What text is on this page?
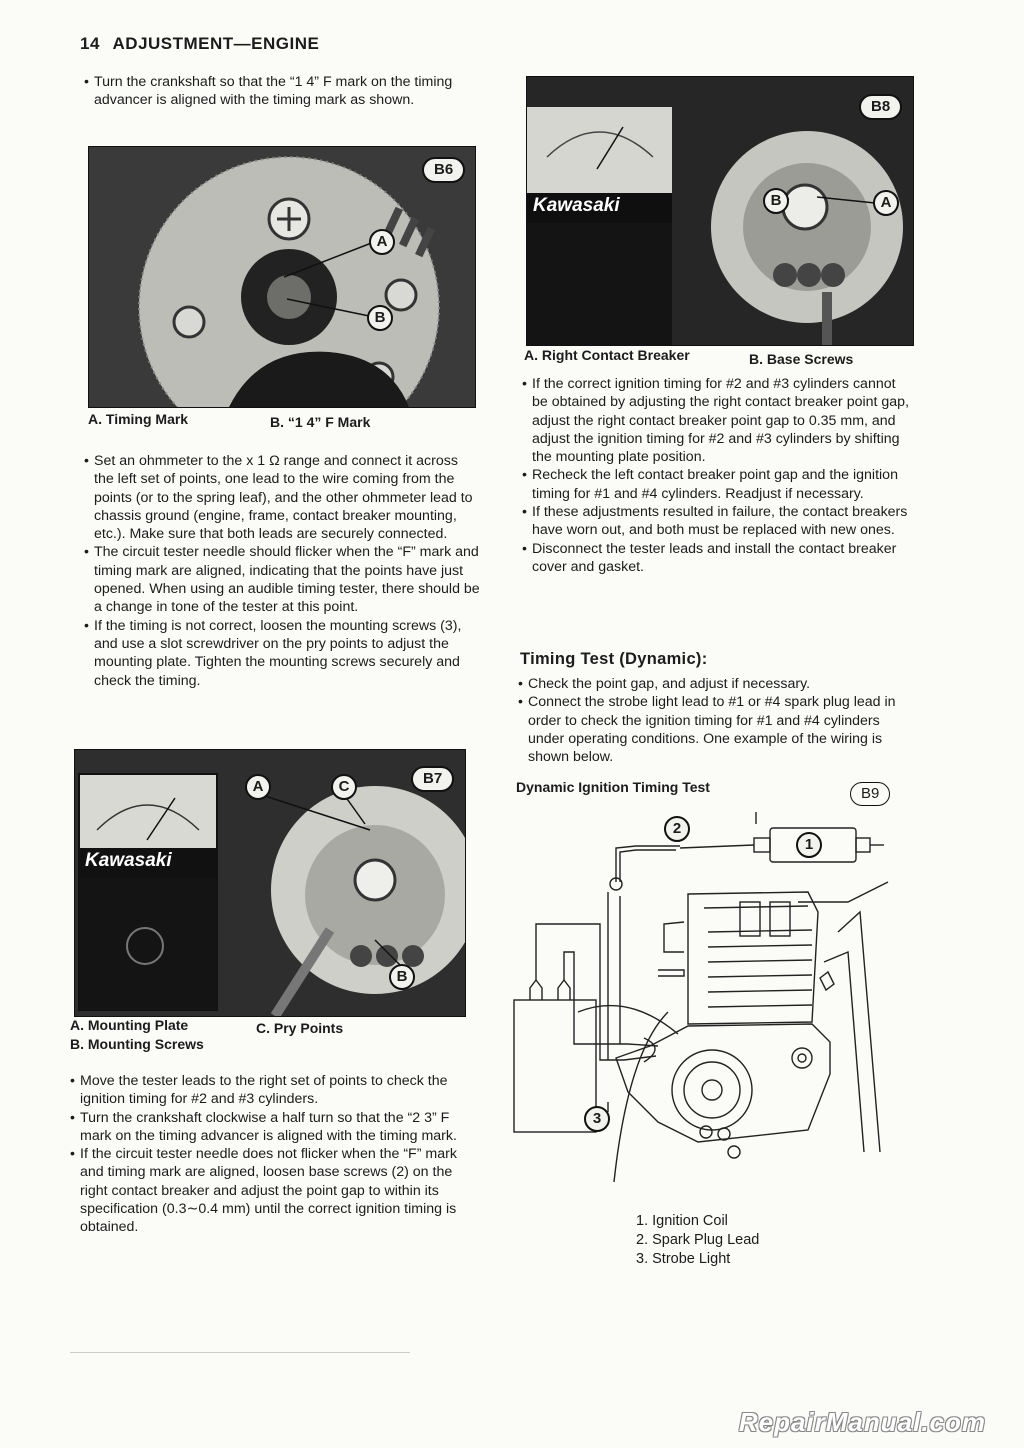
14 ADJUSTMENT—ENGINE

• Turn the crankshaft so that the “1 4” F mark on the timing advancer is aligned with the timing mark as shown.

B6
A
B
A. Timing Mark	B. “1 4” F Mark

• Set an ohmmeter to the x 1 Ω range and connect it across the left set of points, one lead to the wire coming from the points (or to the spring leaf), and the other ohmmeter lead to chassis ground (engine, frame, contact breaker mounting, etc.). Make sure that both leads are securely connected.

• The circuit tester needle should flicker when the “F” mark and timing mark are aligned, indicating that the points have just opened. When using an audible timing tester, there should be a change in tone of the tester at this point.

• If the timing is not correct, loosen the mounting screws (3), and use a slot screwdriver on the pry points to adjust the mounting plate. Tighten the mounting screws securely and check the timing.

Kawasaki
B7
A	C
B
A. Mounting Plate
B. Mounting Screws
C. Pry Points

• Move the tester leads to the right set of points to check the ignition timing for #2 and #3 cylinders.

• Turn the crankshaft clockwise a half turn so that the “2 3” F mark on the timing advancer is aligned with the timing mark.

• If the circuit tester needle does not flicker when the “F” mark and timing mark are aligned, loosen base screws (2) on the right contact breaker and adjust the point gap to within its specification (0.3∼0.4 mm) until the correct ignition timing is obtained.

Kawasaki
B8
B	A
A. Right Contact Breaker	B. Base Screws

• If the correct ignition timing for #2 and #3 cylinders cannot be obtained by adjusting the right contact breaker point gap, adjust the right contact breaker point gap to 0.35 mm, and adjust the ignition timing for #2 and #3 cylinders by shifting the mounting plate position.

• Recheck the left contact breaker point gap and the ignition timing for #1 and #4 cylinders. Readjust if necessary.

• If these adjustments resulted in failure, the contact breakers have worn out, and both must be replaced with new ones.

• Disconnect the tester leads and install the contact breaker cover and gasket.

Timing Test (Dynamic):

• Check the point gap, and adjust if necessary.

• Connect the strobe light lead to #1 or #4 spark plug lead in order to check the ignition timing for #1 and #4 cylinders under operating conditions. One example of the wiring is shown below.

Dynamic Ignition Timing Test	B9
2
1
3
1. Ignition Coil
2. Spark Plug Lead
3. Strobe Light
RepairManual.com
